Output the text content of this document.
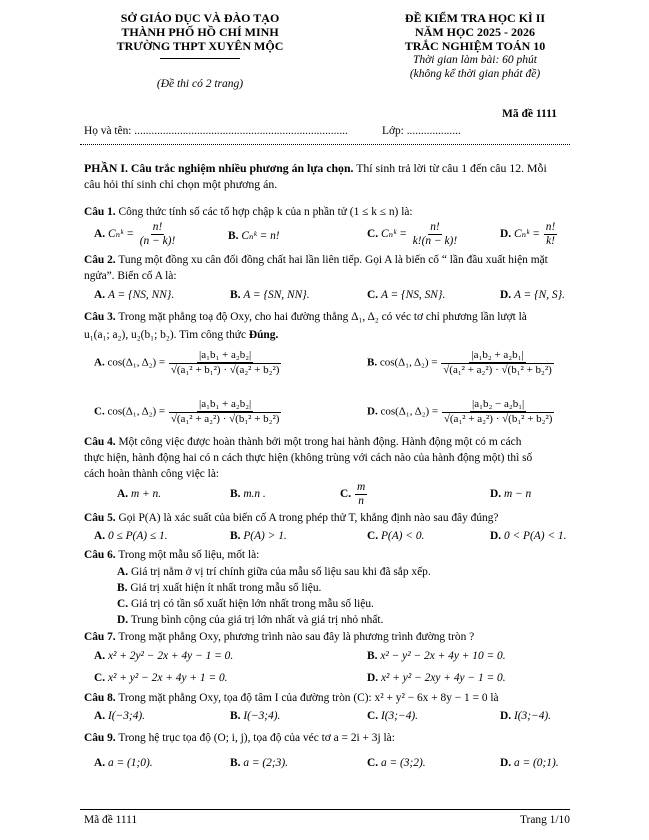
SỞ GIÁO DỤC VÀ ĐÀO TẠO
THÀNH PHỐ HỒ CHÍ MINH
TRƯỜNG THPT XUYÊN MỘC
(Đề thi có 2 trang)
ĐỀ KIỂM TRA HỌC KÌ II
NĂM HỌC 2025 - 2026
TRẮC NGHIỆM TOÁN 10
Thời gian làm bài: 60 phút
(không kể thời gian phát đề)
Mã đề 1111
Họ và tên: ...........................................................................	Lớp: ...................
PHẦN I. Câu trắc nghiệm nhiều phương án lựa chọn. Thí sinh trả lời từ câu 1 đến câu 12. Mỗi
câu hỏi thí sinh chỉ chọn một phương án.
Câu 1. Công thức tính số các tổ hợp chập k của n phần tử (1 ≤ k ≤ n) là:
A. Cₙᵏ = $\frac{n!}{(n - k)!}$	B. Cₙᵏ = n!	C. Cₙᵏ = $\frac{n!}{k!(n - k)!}$	D. Cₙᵏ = $\frac{n!}{k!}$
Câu 2. Tung một đồng xu cân đối đồng chất hai lần liên tiếp. Gọi A là biến cố “ lần đầu xuất hiện mặt
ngửa”. Biến cố A là:
A. A = {NS, NN}.	B. A = {SN, NN}.	C. A = {NS, SN}.	D. A = {N, S}.
Câu 3. Trong mặt phẳng toạ độ Oxy, cho hai đường thẳng Δ₁, Δ₂ có véc tơ chỉ phương lần lượt là
u₁(a₁; a₂), u₂(b₁; b₂). Tìm công thức Đúng.
A. cos(Δ₁, $\Delta_2) = \frac{\text{|a₁b₁ + a₂b₂|}}{\text{√(a₁² + b₁²) · √(a₂² + b₂²)}}$	B. cos(Δ₁, $\Delta_2) = \frac{\text{|a₁b₂ + a₂b₁|}}{\text{√(a₁² + a₂²) · √(b₁² + b₂²)}}$
C. cos(Δ₁, $\Delta_2) = \frac{\text{|a₁b₁ + a₂b₂|}}{\text{√(a₁² + a₂²) · √(b₁² + b₂²)}}$	D. cos(Δ₁, $\Delta_2) = \frac{\text{|a₁b₂ − a₂b₁|}}{\text{√(a₁² + a₂²) · √(b₁² + b₂²)}}$
Câu 4. Một công việc được hoàn thành bởi một trong hai hành động. Hành động một có m cách
thực hiện, hành động hai có n cách thực hiện (không trùng với cách nào của hành động một) thì số
cách hoàn thành công việc là:
A. m + n.	B. m.n .	C. $\frac{m}{n}$	D. m − n
Câu 5. Gọi P(A) là xác suất của biến cố A trong phép thử T, khẳng định nào sau đây đúng?
A. 0 ≤ P(A) ≤ 1.	B. P(A) > 1.	C. P(A) < 0.	D. 0 < P(A) < 1.
Câu 6. Trong một mẫu số liệu, mốt là:
A. Giá trị nằm ở vị trí chính giữa của mẫu số liệu sau khi đã sắp xếp.
B. Giá trị xuất hiện ít nhất trong mẫu số liệu.
C. Giá trị có tần số xuất hiện lớn nhất trong mẫu số liệu.
D. Trung bình cộng của giá trị lớn nhất và giá trị nhỏ nhất.
Câu 7. Trong mặt phẳng Oxy, phương trình nào sau đây là phương trình đường tròn ?
A. x² + 2y² − 2x + 4y − 1 = 0.	B. x² − y² − 2x + 4y + 10 = 0.
C. x² + y² − 2x + 4y + 1 = 0.	D. x² + y² − 2xy + 4y − 1 = 0.
Câu 8. Trong mặt phẳng Oxy, tọa độ tâm I của đường tròn (C): x² + y² − 6x + 8y − 1 = 0 là
A. I(−3;4).	B. I(−3;4).	C. I(3;−4).	D. I(3;−4).
Câu 9. Trong hệ trục tọa độ (O; i, j), tọa độ của véc tơ a = 2i + 3j là:
A. a = (1;0).	B. a = (2;3).	C. a = (3;2).	D. a = (0;1).
Mã đề 1111	Trang 1/10
